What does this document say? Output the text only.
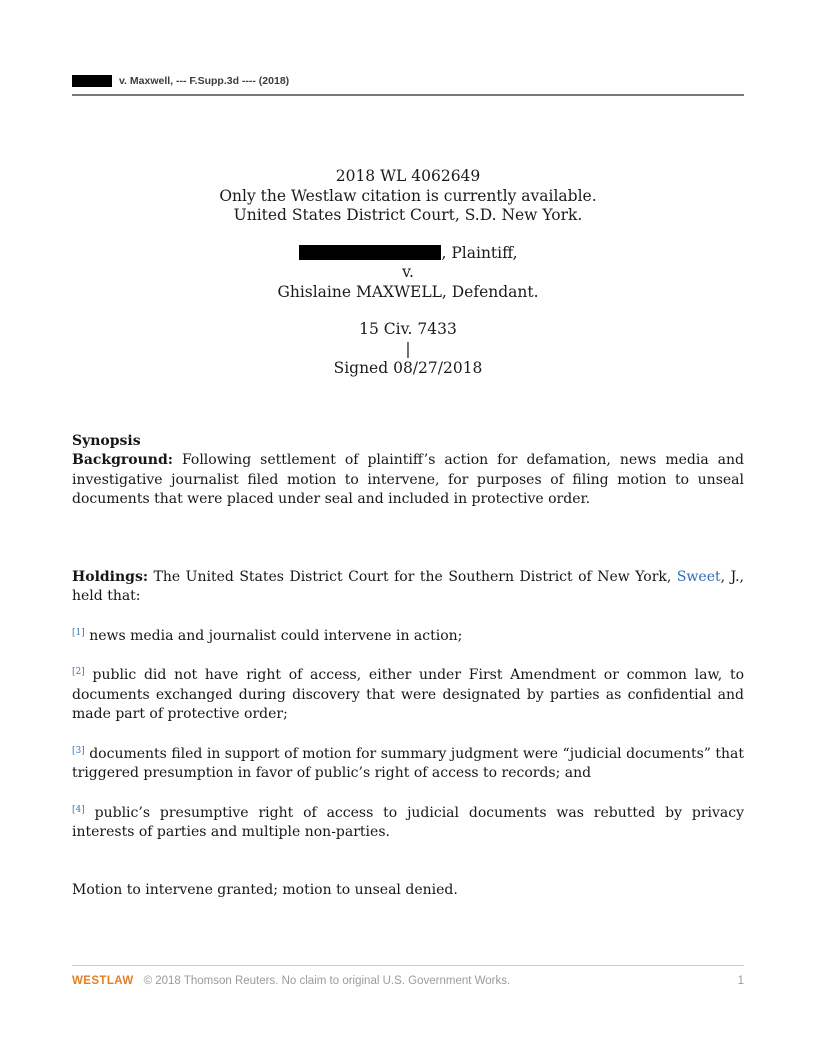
v. Maxwell, --- F.Supp.3d ---- (2018)

2018 WL 4062649

Only the Westlaw citation is currently available.

United States District Court, S.D. New York.

, Plaintiff,

v.

Ghislaine MAXWELL, Defendant.

15 Civ. 7433

|

Signed 08/27/2018

Synopsis

Background: Following settlement of plaintiff’s action for defamation, news media and investigative journalist filed motion to intervene, for purposes of filing motion to unseal documents that were placed under seal and included in protective order.

Holdings: The United States District Court for the Southern District of New York, Sweet, J., held that:

[1] news media and journalist could intervene in action;

[2] public did not have right of access, either under First Amendment or common law, to documents exchanged during discovery that were designated by parties as confidential and made part of protective order;

[3] documents filed in support of motion for summary judgment were “judicial documents” that triggered presumption in favor of public’s right of access to records; and

[4] public’s presumptive right of access to judicial documents was rebutted by privacy interests of parties and multiple non-parties.

Motion to intervene granted; motion to unseal denied.

WESTLAW © 2018 Thomson Reuters. No claim to original U.S. Government Works.	1
